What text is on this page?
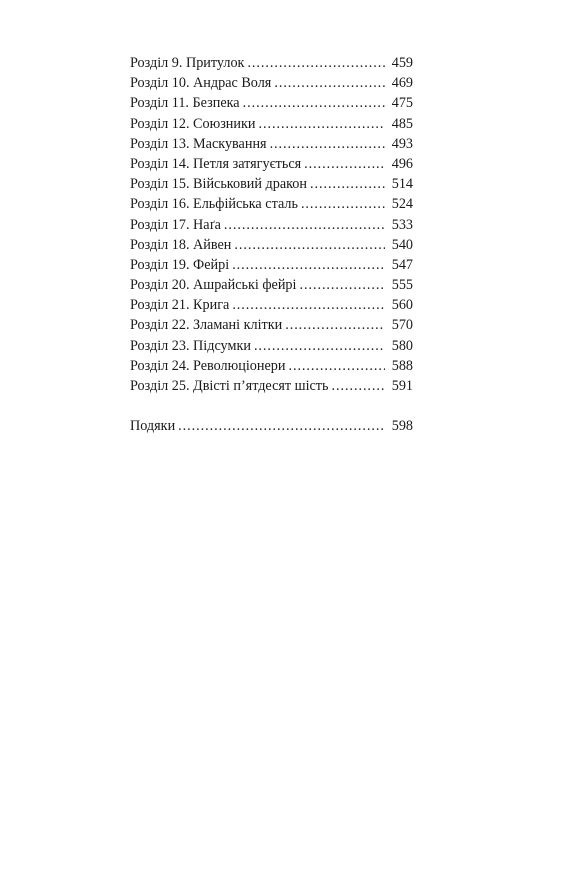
Розділ 9. Притулок . . .	459
Розділ 10. Андрас Воля . . .	469
Розділ 11. Безпека . . .	475
Розділ 12. Союзники . . .	485
Розділ 13. Маскування . . .	493
Розділ 14. Петля затягується . . .	496
Розділ 15. Військовий дракон . . .	514
Розділ 16. Ельфійська сталь . . .	524
Розділ 17. Наґа . . .	533
Розділ 18. Айвен . . .	540
Розділ 19. Фейрі . . .	547
Розділ 20. Ашрайські фейрі . . .	555
Розділ 21. Крига . . .	560
Розділ 22. Зламані клітки . . .	570
Розділ 23. Підсумки . . .	580
Розділ 24. Революціонери . . .	588
Розділ 25. Двісті п’ятдесят шість . . .	591
Подяки . . .	598
